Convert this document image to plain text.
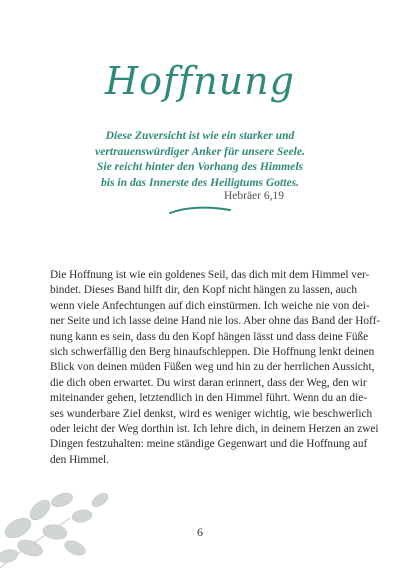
Hoffnung
Diese Zuversicht ist wie ein starker und
vertrauenswürdiger Anker für unsere Seele.
Sie reicht hinter den Vorhang des Himmels
bis in das Innerste des Heiligtums Gottes.
Hebräer 6,19
Die Hoffnung ist wie ein goldenes Seil, das dich mit dem Himmel ver-
bindet. Dieses Band hilft dir, den Kopf nicht hängen zu lassen, auch
wenn viele Anfechtungen auf dich einstürmen. Ich weiche nie von dei-
ner Seite und ich lasse deine Hand nie los. Aber ohne das Band der Hoff-
nung kann es sein, dass du den Kopf hängen lässt und dass deine Füße
sich schwerfällig den Berg hinaufschleppen. Die Hoffnung lenkt deinen
Blick von deinen müden Füßen weg und hin zu der herrlichen Aussicht,
die dich oben erwartet. Du wirst daran erinnert, dass der Weg, den wir
miteinander gehen, letztendlich in den Himmel führt. Wenn du an die-
ses wunderbare Ziel denkst, wird es weniger wichtig, wie beschwerlich
oder leicht der Weg dorthin ist. Ich lehre dich, in deinem Herzen an zwei
Dingen festzuhalten: meine ständige Gegenwart und die Hoffnung auf
den Himmel.
6
